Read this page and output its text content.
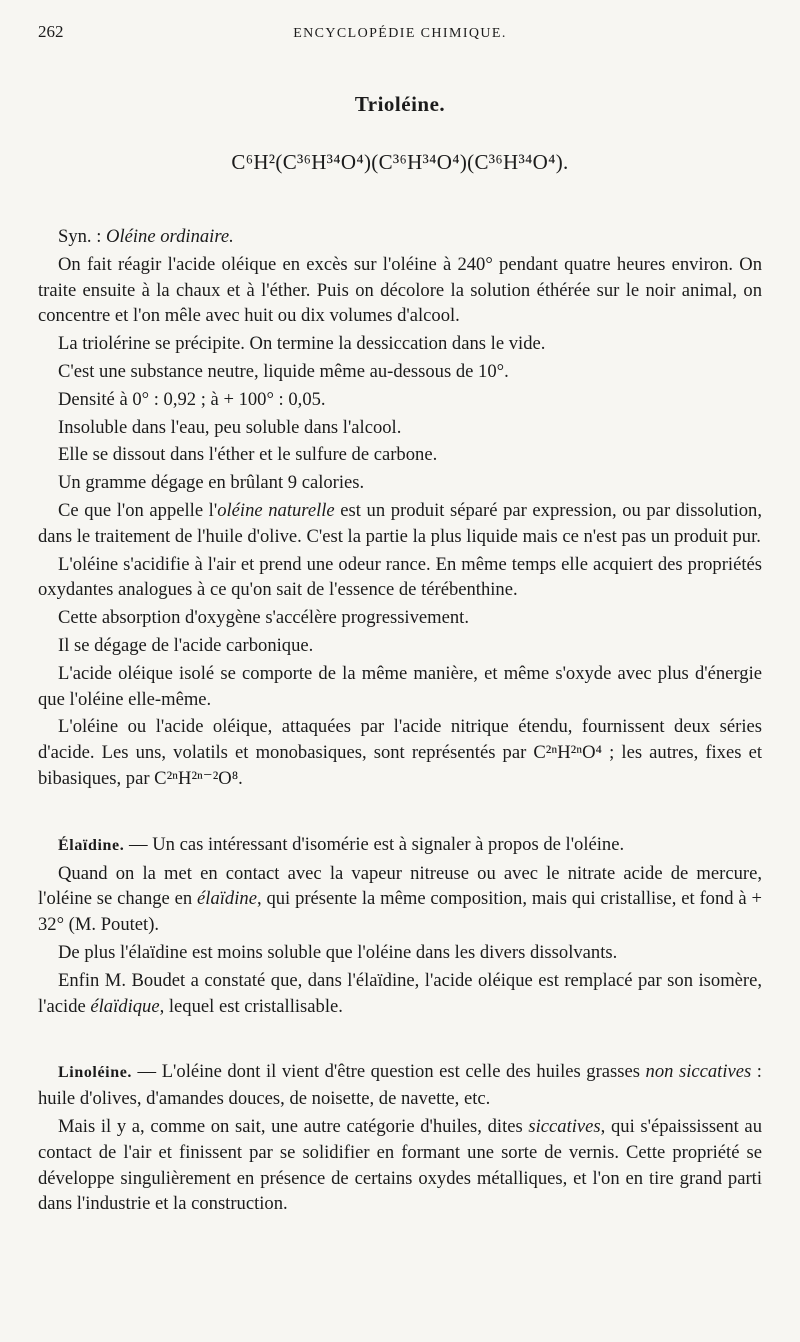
262	ENCYCLOPÉDIE CHIMIQUE.
Trioléine.
C⁶H²(C³⁶H³⁴O⁴)(C³⁶H³⁴O⁴)(C³⁶H³⁴O⁴).

Syn. : Oléine ordinaire.

On fait réagir l'acide oléique en excès sur l'oléine à 240° pendant quatre heures environ. On traite ensuite à la chaux et à l'éther. Puis on décolore la solution éthérée sur le noir animal, on concentre et l'on mêle avec huit ou dix volumes d'alcool.

La triolérine se précipite. On termine la dessiccation dans le vide.

C'est une substance neutre, liquide même au-dessous de 10°.

Densité à 0° : 0,92 ; à + 100° : 0,05.

Insoluble dans l'eau, peu soluble dans l'alcool.

Elle se dissout dans l'éther et le sulfure de carbone.

Un gramme dégage en brûlant 9 calories.

Ce que l'on appelle l'oléine naturelle est un produit séparé par expression, ou par dissolution, dans le traitement de l'huile d'olive. C'est la partie la plus liquide mais ce n'est pas un produit pur.

L'oléine s'acidifie à l'air et prend une odeur rance. En même temps elle acquiert des propriétés oxydantes analogues à ce qu'on sait de l'essence de térébenthine.

Cette absorption d'oxygène s'accélère progressivement.

Il se dégage de l'acide carbonique.

L'acide oléique isolé se comporte de la même manière, et même s'oxyde avec plus d'énergie que l'oléine elle-même.

L'oléine ou l'acide oléique, attaquées par l'acide nitrique étendu, fournissent deux séries d'acide. Les uns, volatils et monobasiques, sont représentés par C²ⁿH²ⁿO⁴ ; les autres, fixes et bibasiques, par C²ⁿH²ⁿ⁻²O⁸.

Élaïdine. — Un cas intéressant d'isomérie est à signaler à propos de l'oléine.

Quand on la met en contact avec la vapeur nitreuse ou avec le nitrate acide de mercure, l'oléine se change en élaïdine, qui présente la même composition, mais qui cristallise, et fond à + 32° (M. Poutet).

De plus l'élaïdine est moins soluble que l'oléine dans les divers dissolvants.

Enfin M. Boudet a constaté que, dans l'élaïdine, l'acide oléique est remplacé par son isomère, l'acide élaïdique, lequel est cristallisable.

Linoléine. — L'oléine dont il vient d'être question est celle des huiles grasses non siccatives : huile d'olives, d'amandes douces, de noisette, de navette, etc.

Mais il y a, comme on sait, une autre catégorie d'huiles, dites siccatives, qui s'épaississent au contact de l'air et finissent par se solidifier en formant une sorte de vernis. Cette propriété se développe singulièrement en présence de certains oxydes métalliques, et l'on en tire grand parti dans l'industrie et la construction.
